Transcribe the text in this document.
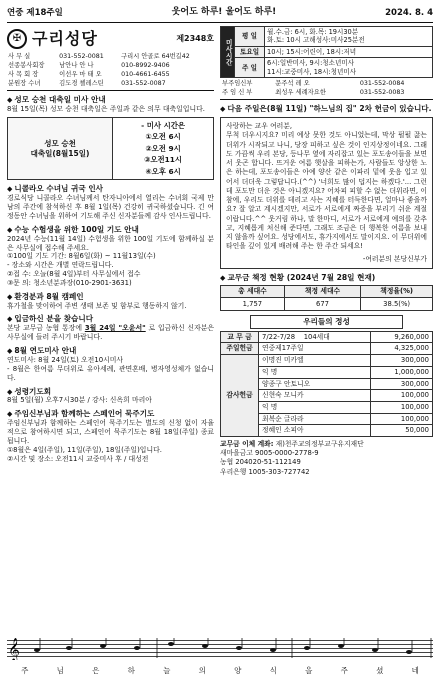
연중 제18주일	웃어도 하루! 울어도 하루!	2024. 8. 4
✠ 구리성당	제2348호
사 무 실	031-552-0081	구리시 안골로 64번길42
선종봉사회장	남안나 안 나	010-8992-9406
사 목 회 장	이선우 마 태 오	010-4661-6455
분원장 수녀	김도경 첼레스틴	031-552-0087
◆ 성모 승천 대축일 미사 안내

8월 15일(목) 성모 승천 대축일은 주일과 같은 의무 대축일입니다.

성모 승천
대축일(8월15일)
- 미사 시간은
①오전 6시
②오전 9시
③오전11시
④오후 6시
◆ 니콜라오 수녀님 귀국 인사

경로식당 니콜라오 수녀님께서 탄자니아에서 열리는 수녀회 국제 만남의 주간에 참석하신 후 8월 1일(목) 건강히 귀국하셨습니다. 긴 여정동안 수녀님을 위하여 기도해 주신 신자분들께 감사 인사드립니다.

◆ 수능 수험생을 위한 100일 기도 안내

2024년 수능(11월 14일) 수험생을 위한 100일 기도에 함께하실 분은 사무실에 접수해 주세요.
①100일 기도 기간: 8월6일(화) ~ 11월13일(수)
- 장소와 시간은 개별 연락드립니다.
②접 수: 오늘(8월 4일)부터 사무실에서 접수
③문 의: 청소년분과장(010-2901-3631)

◆ 환경분과 8월 캠페인

휴가철을 맞이하여 주변 생태 보존 및 함부로 행동하지 않기.

◆ 입금하신 분을 찾습니다

본당 교무금 농협 통장에 3월 24일 "오윤서" 로 입금하신 신자분은 사무실에 들러 주시기 바랍니다.

◆ 8월 연도미사 안내

연도미사: 8월 24일(토) 오전10시미사
- 8월은 한여름 무더위로 유아세례, 관면혼배, 병자영성체가 없습니다.

◆ 성령기도회

8월 5일(월) 오후7시30분 / 강사: 신옥희 마리아

◆ 주임신부님과 함께하는 스페인어 묵주기도

주임신부님과 함께하는 스페인어 묵주기도는 별도의 신청 없이 자율적으로 참여하시면 되고, 스페인어 묵주기도는 8월 18일(주일) 종료됩니다.
①8월은 4일(주일), 11일(주일), 18일(주일)입니다.
②시간 및 장소: 오전11시 교중미사 후 / 대성전

미사시간	평 일	월.수.금: 6시, 화.목: 19시30분
화.토: 10시 고해성사:미사25분전

	토요일	10시; 15시:어린이, 18시:저녁

	주 일	6시:일반미사, 9시:청소년미사
11시:교중미사, 18시:청년미사
부주임신부	문주석 레 오	031-552-0084
주 임 신 부	최성우 세례자요한	031-552-0083
◆ 다음 주일은(8월 11일) "하느님의 집" 2차 헌금이 있습니다.
사랑하는 교우 여러분,
무척 더우시지요? 미리 예상 못한 것도 아니었는데, 막상 펄펄 끓는 더위가 시작되고 나니, 당장 피하고 싶은 것이 인지상정이네요. 그래도 가끔씩 우리 본당, 등나무 옆에 자리잡고 있는 포도송이들을 보면서 웃곤 합니다. 뜨거운 여름 햇살을 피하는가, 사람들도 앙상한 노은 하는데, 포도송이들은 아예 양산 같은 이파리 밑에 웃음 입고 있어서 더더욱 그렇답니다.(^^) '너희도 많이 덥지는 하겠다.'... 그런데 포도만 더운 것은 아니겠지요? 어차피 피할 수 없는 더위라면, 이참에, 우리도 더위를 데리고 사는 지혜를 터득한다면, 얼마나 좋을까요? 잘 알고 계시겠지만, 서로가 서로에게 짜증을 부리기 쉬운 계절이랍니다.^^ 웃거림 하나, 말 한마디, 서로가 서로에게 예의를 갖추고, 지혜롭게 처신해 준다면, 그래도 조금은 더 행복한 여름을 보내지 않을까 싶어요. 성당에서도, 휴가지에서도 말이지요. 이 무더위에 타인을 깊이 있게 배려해 주는 한 주간 되세요!
-여러분의 본당신부가
◆ 교무금 책정 현황 (2024년 7월 28일 현재)
총 세대수	책정 세대수	책정율(%)
1,757	677	38.5(%)
우리들의 정성
교 무 금	7/22-7/28 104세대	9,260,000
주일헌금	연중제17주일	4,325,000
감사헌금	이명진 미카엘	300,000
	익 명	1,000,000
	양종구 안토니오	300,000
	신현숙 모니카	100,000
	익 명	100,000
	최복순 글라라	100,000
	정혜인 소피아	50,000
교무금 이체 계좌: 재)천주교의정부교구유지재단
새마을금고 9005-0000-2778-9
농협 204020-51-112149
우리은행 1005-303-727742
𝄞
주	님	은	하	늘	의	양	식	을	주	셨	네
